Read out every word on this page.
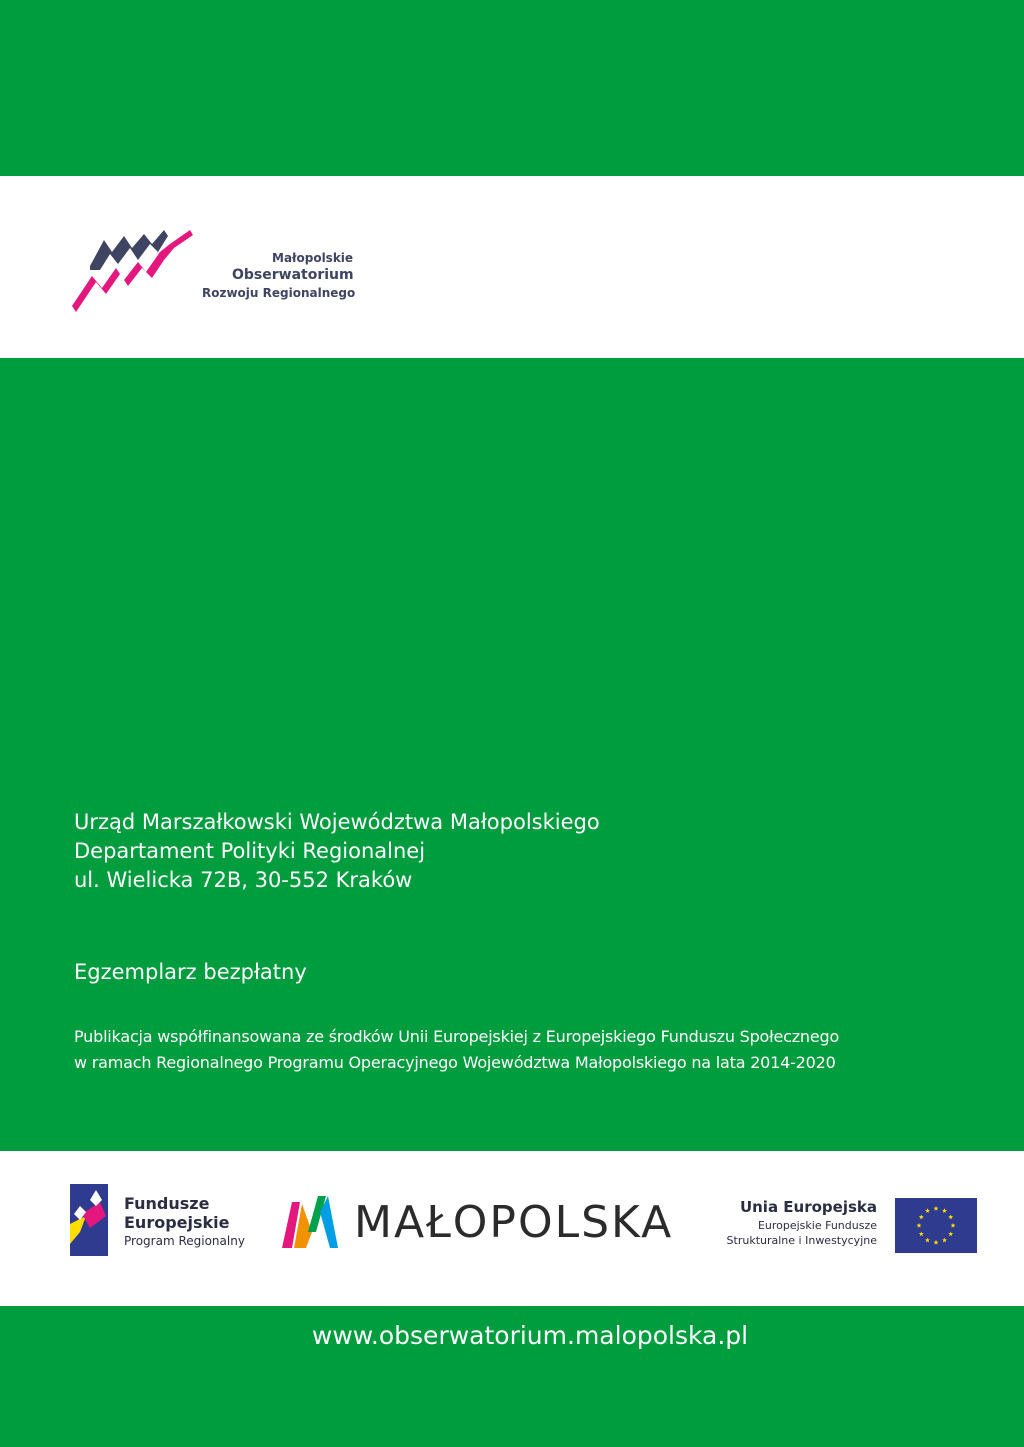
Małopolskie
Obserwatorium
Rozwoju Regionalnego
Urząd Marszałkowski Województwa Małopolskiego
Departament Polityki Regionalnej
ul. Wielicka 72B, 30-552 Kraków
Egzemplarz bezpłatny
Publikacja współfinansowana ze środków Unii Europejskiej z Europejskiego Funduszu Społecznego
w ramach Regionalnego Programu Operacyjnego Województwa Małopolskiego na lata 2014-2020
Fundusze
Europejskie
Program Regionalny MAŁOPOLSKA	Unia Europejska
Europejskie Fundusze
Strukturalne i Inwestycyjne
www.obserwatorium.malopolska.pl
